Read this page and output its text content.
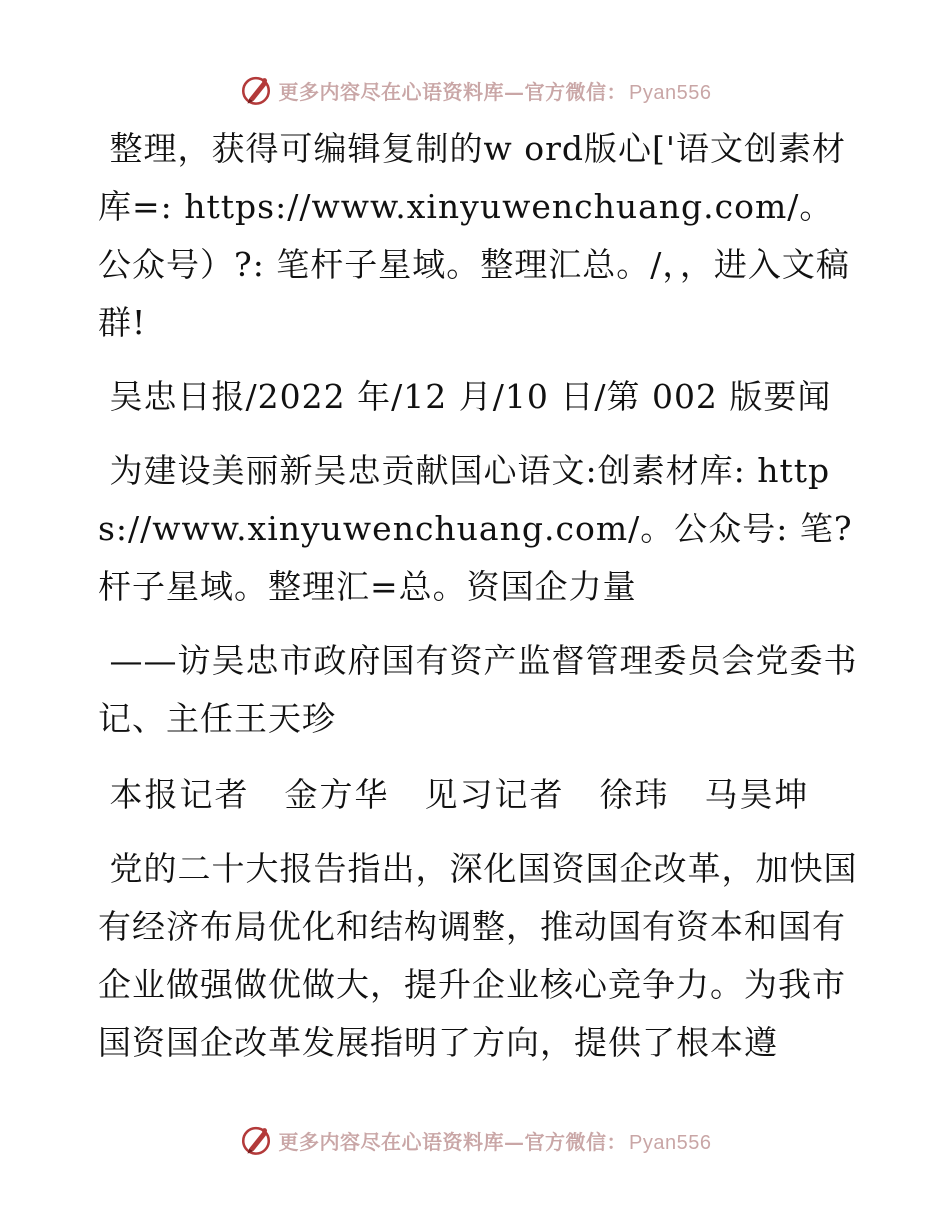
更多内容尽在心语资料库—官方微信： Pyan556

整理，获得可编辑复制的w ord版心['语文创素材库=: https://www.xinyuwenchuang.com/。公众号）?: 笔杆子星域。整理汇总。/，，进入文稿群!

吴忠日报/2022 年/12 月/10 日/第 002 版要闻

为建设美丽新吴忠贡献国心语文:创素材库: https://www.xinyuwenchuang.com/。公众号: 笔?杆子星域。整理汇=总。资国企力量

——访吴忠市政府国有资产监督管理委员会党委书记、主任王天珍

本报记者　金方华　见习记者　徐玮　马昊坤

党的二十大报告指出，深化国资国企改革，加快国有经济布局优化和结构调整，推动国有资本和国有企业做强做优做大，提升企业核心竞争力。为我市国资国企改革发展指明了方向，提供了根本遵

更多内容尽在心语资料库—官方微信： Pyan556
